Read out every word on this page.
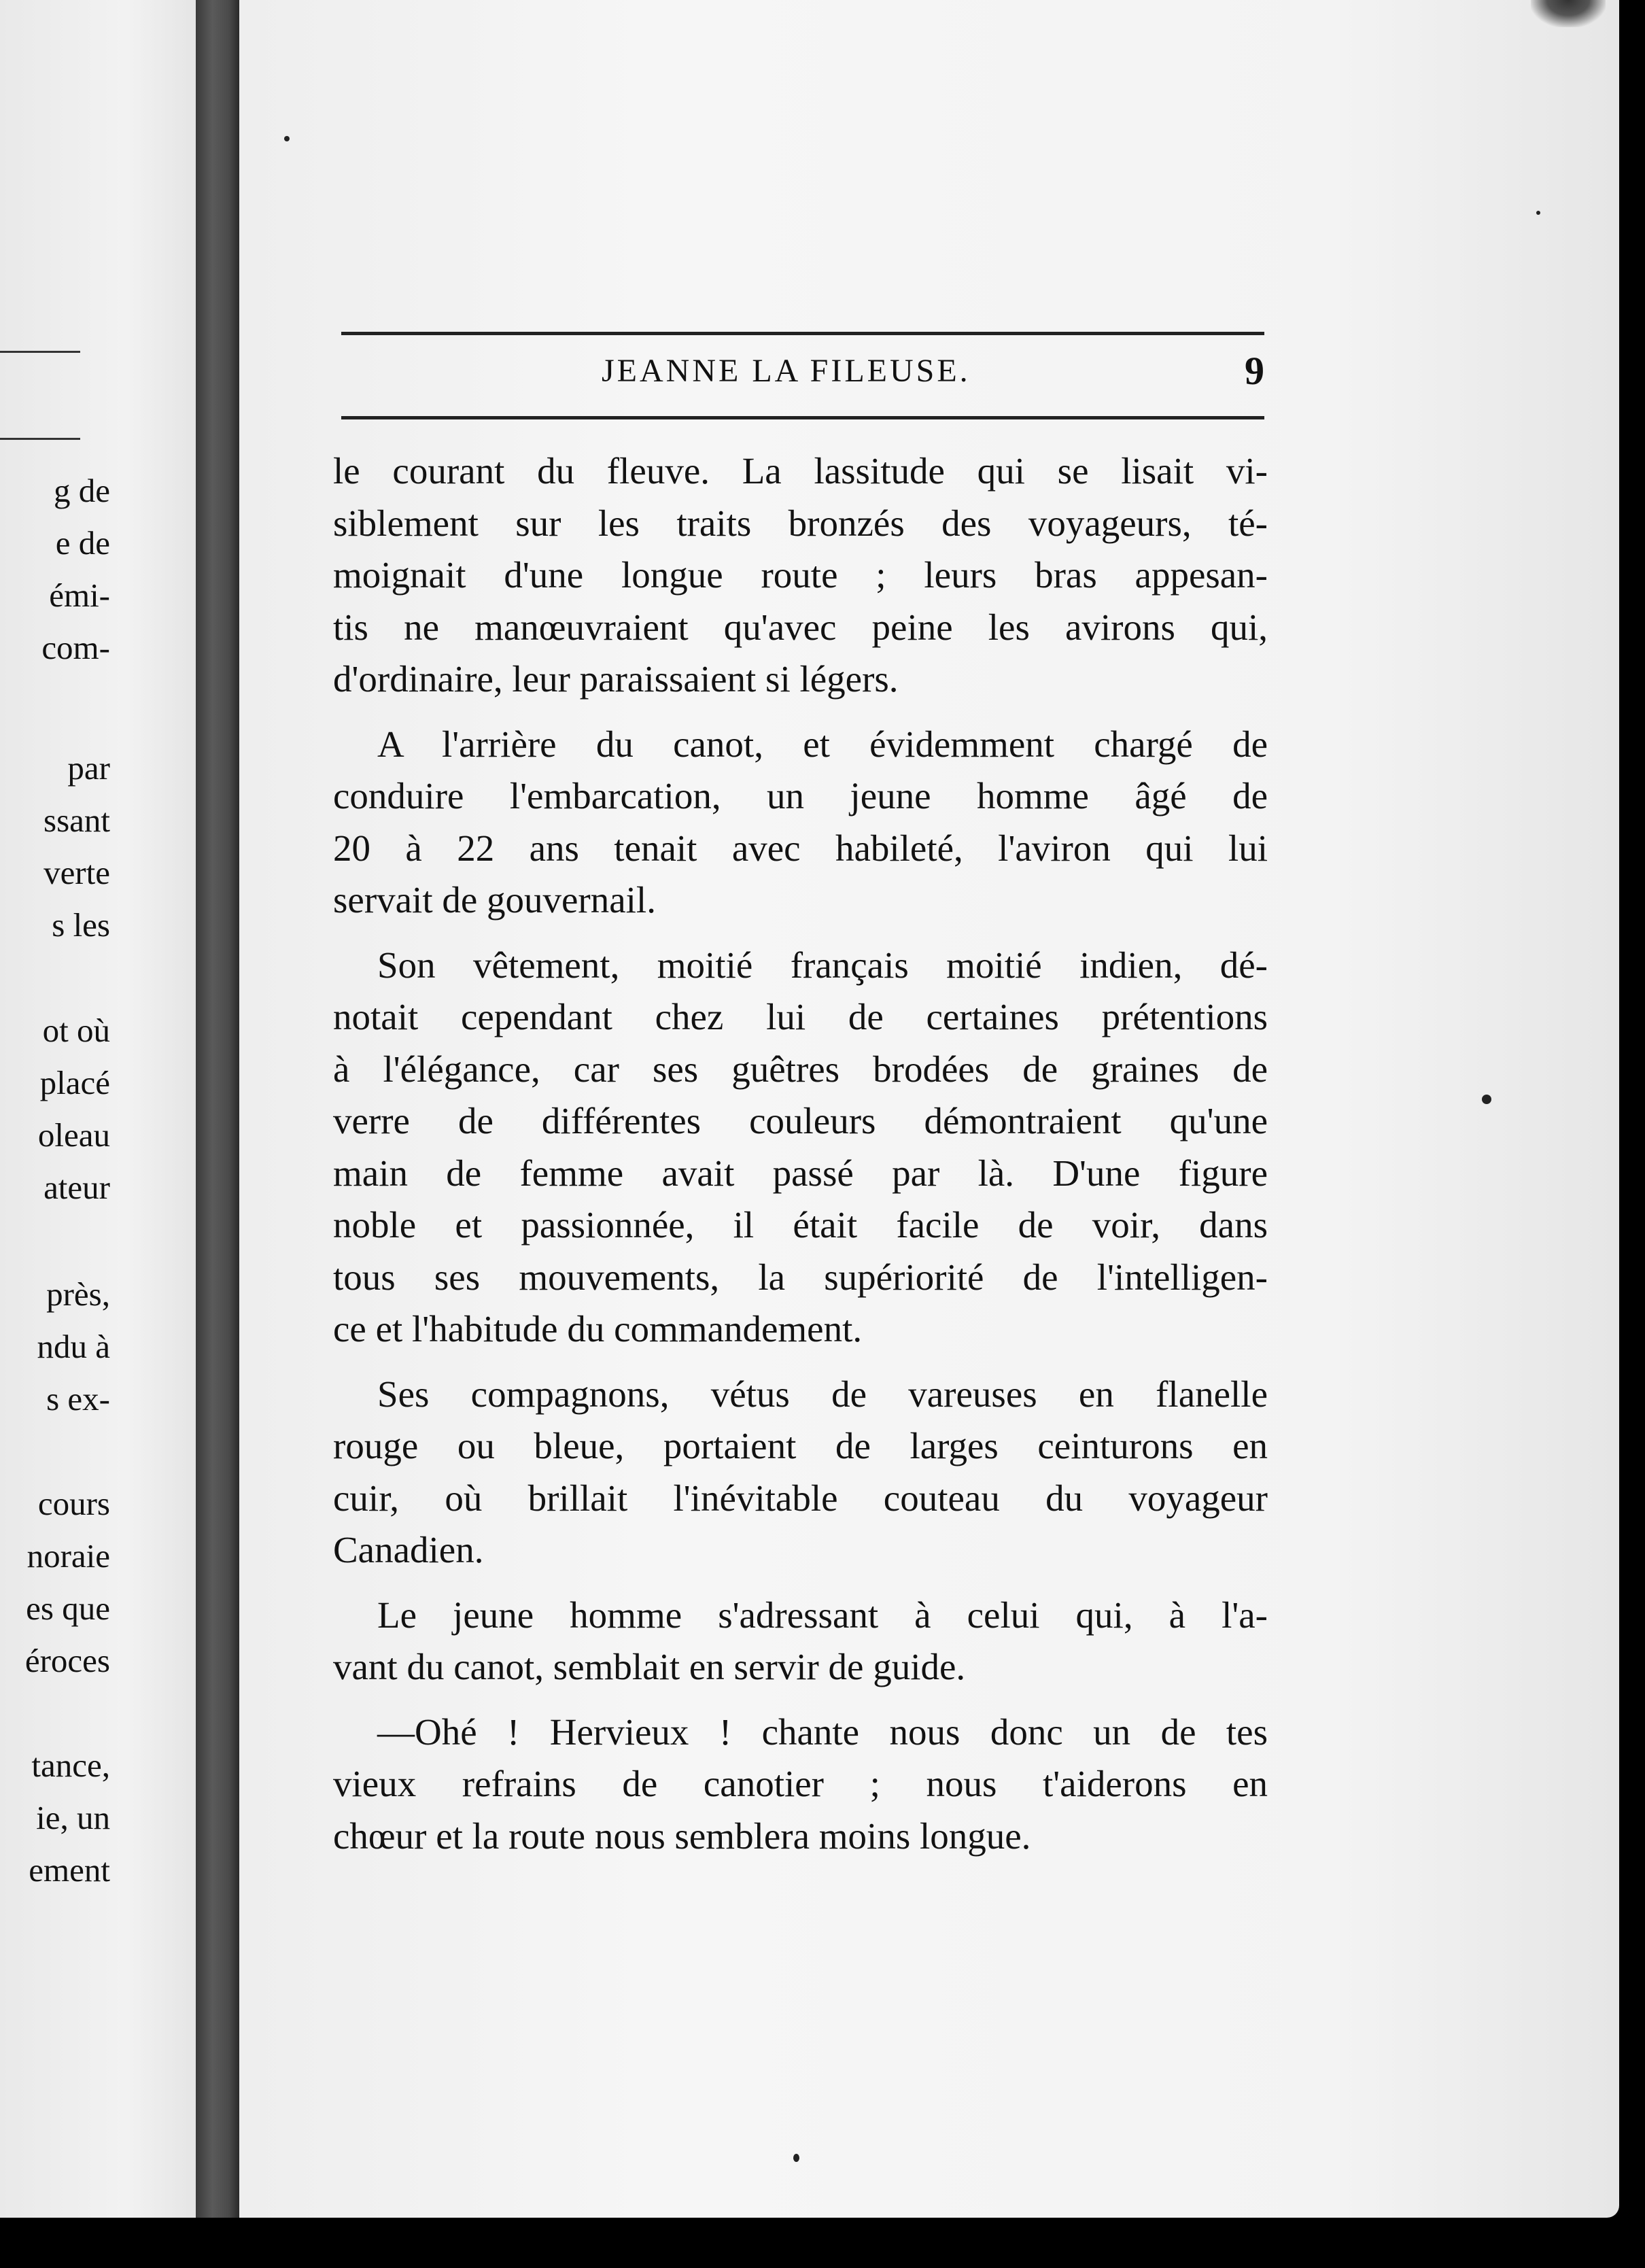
g de
e de
émi-
com-
par
ssant
verte
s les
ot où
placé
oleau
ateur
près,
ndu à
s ex-
cours
noraie
es que
éroces
tance,
ie, un
ement
JEANNE LA FILEUSE.	9

le courant du fleuve. La lassitude qui se lisait vi-
siblement sur les traits bronzés des voyageurs, té-
moignait d'une longue route ; leurs bras appesan-
tis ne manœuvraient qu'avec peine les avirons qui,
d'ordinaire, leur paraissaient si légers.

A l'arrière du canot, et évidemment chargé de
conduire l'embarcation, un jeune homme âgé de
20 à 22 ans tenait avec habileté, l'aviron qui lui
servait de gouvernail.

Son vêtement, moitié français moitié indien, dé-
notait cependant chez lui de certaines prétentions
à l'élégance, car ses guêtres brodées de graines de
verre de différentes couleurs démontraient qu'une
main de femme avait passé par là. D'une figure
noble et passionnée, il était facile de voir, dans
tous ses mouvements, la supériorité de l'intelligen-
ce et l'habitude du commandement.

Ses compagnons, vétus de vareuses en flanelle
rouge ou bleue, portaient de larges ceinturons en
cuir, où brillait l'inévitable couteau du voyageur
Canadien.

Le jeune homme s'adressant à celui qui, à l'a-
vant du canot, semblait en servir de guide.

—Ohé ! Hervieux ! chante nous donc un de tes
vieux refrains de canotier ; nous t'aiderons en
chœur et la route nous semblera moins longue.
